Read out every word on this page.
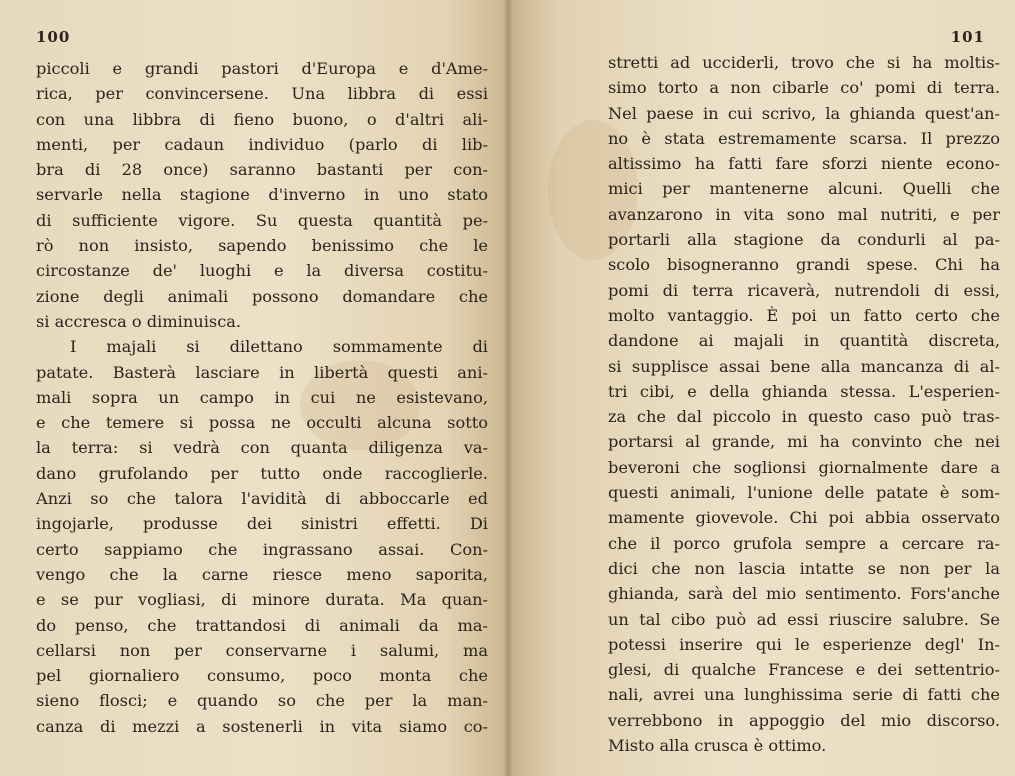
100
piccoli e grandi pastori d'Europa e d'Ame-
rica, per convincersene. Una libbra di essi
con una libbra di fieno buono, o d'altri ali-
menti, per cadaun individuo (parlo di lib-
bra di 28 once) saranno bastanti per con-
servarle nella stagione d'inverno in uno stato
di sufficiente vigore. Su questa quantità pe-
rò non insisto, sapendo benissimo che le
circostanze de' luoghi e la diversa costitu-
zione degli animali possono domandare che
si accresca o diminuisca.
I majali si dilettano sommamente di
patate. Basterà lasciare in libertà questi ani-
mali sopra un campo in cui ne esistevano,
e che temere si possa ne occulti alcuna sotto
la terra: si vedrà con quanta diligenza va-
dano grufolando per tutto onde raccoglierle.
Anzi so che talora l'avidità di abboccarle ed
ingojarle, produsse dei sinistri effetti. Di
certo sappiamo che ingrassano assai. Con-
vengo che la carne riesce meno saporita,
e se pur vogliasi, di minore durata. Ma quan-
do penso, che trattandosi di animali da ma-
cellarsi non per conservarne i salumi, ma
pel giornaliero consumo, poco monta che
sieno flosci; e quando so che per la man-
canza di mezzi a sostenerli in vita siamo co-
101
stretti ad ucciderli, trovo che si ha moltis-
simo torto a non cibarle co' pomi di terra.
Nel paese in cui scrivo, la ghianda quest'an-
no è stata estremamente scarsa. Il prezzo
altissimo ha fatti fare sforzi niente econo-
mici per mantenerne alcuni. Quelli che
avanzarono in vita sono mal nutriti, e per
portarli alla stagione da condurli al pa-
scolo bisogneranno grandi spese. Chi ha
pomi di terra ricaverà, nutrendoli di essi,
molto vantaggio. È poi un fatto certo che
dandone ai majali in quantità discreta,
si supplisce assai bene alla mancanza di al-
tri cibi, e della ghianda stessa. L'esperien-
za che dal piccolo in questo caso può tras-
portarsi al grande, mi ha convinto che nei
beveroni che soglionsi giornalmente dare a
questi animali, l'unione delle patate è som-
mamente giovevole. Chi poi abbia osservato
che il porco grufola sempre a cercare ra-
dici che non lascia intatte se non per la
ghianda, sarà del mio sentimento. Fors'anche
un tal cibo può ad essi riuscire salubre. Se
potessi inserire qui le esperienze degl' In-
glesi, di qualche Francese e dei settentrio-
nali, avrei una lunghissima serie di fatti che
verrebbono in appoggio del mio discorso.
Misto alla crusca è ottimo.
